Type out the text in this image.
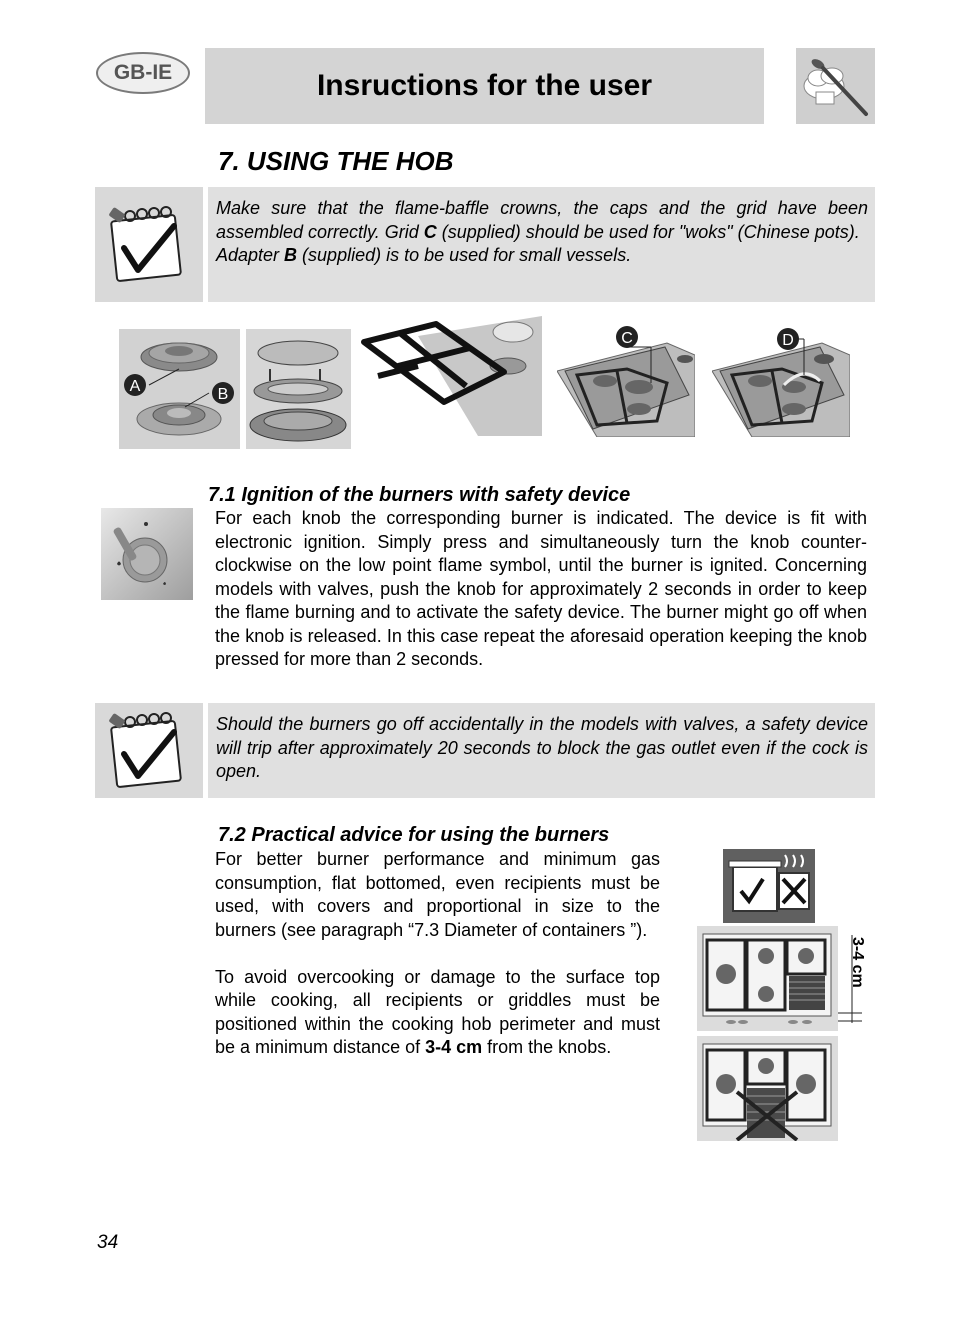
GB-IE	Insructions for the user
7. USING THE HOB
Make sure that the flame-baffle crowns, the caps and the grid have been assembled correctly. Grid C (supplied) should be used for "woks" (Chinese pots).
Adapter B (supplied) is to be used for small vessels.
A	B
C	D
7.1 Ignition of the burners with safety device
For each knob the corresponding burner is indicated. The device is fit with electronic ignition. Simply press and simultaneously turn the knob counter-clockwise on the low point flame symbol, until the burner is ignited. Concerning models with valves, push the knob for approximately 2 seconds in order to keep the flame burning and to activate the safety device. The burner might go off when the knob is released. In this case repeat the aforesaid operation keeping the knob pressed for more than 2 seconds.
Should the burners go off accidentally in the models with valves, a safety device will trip after approximately 20 seconds to block the gas outlet even if the cock is open.
7.2 Practical advice for using the burners

For better burner performance and minimum gas consumption, flat bottomed, even recipients must be used, with covers and proportional in size to the burners (see paragraph “7.3 Diameter of containers ”).

To avoid overcooking or damage to the surface top while cooking, all recipients or griddles must be positioned within the cooking hob perimeter and must be a minimum distance of 3-4 cm from the knobs.

3-4 cm
34
